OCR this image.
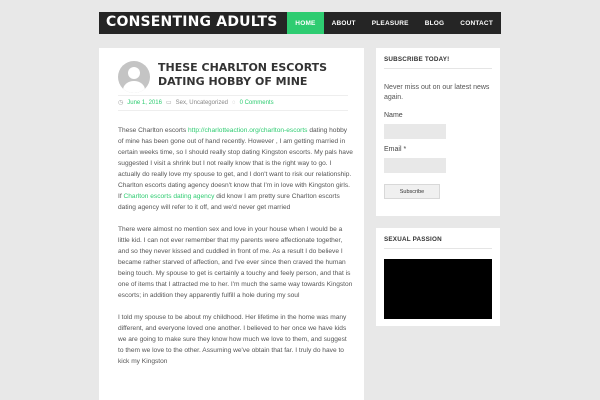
CONSENTING ADULTS	HOME	ABOUT	PLEASURE	BLOG	CONTACT
THESE CHARLTON ESCORTS DATING HOBBY OF MINE
◷ June 1, 2016 ▭ Sex, Uncategorized ◌ 0 Comments

These Charlton escorts http://charlotteaction.org/charlton-escorts dating hobby of mine has been gone out of hand recently. However , I am getting married in certain weeks time, so I should really stop dating Kingston escorts. My pals have suggested I visit a shrink but I not really know that is the right way to go. I actually do really love my spouse to get, and I don't want to risk our relationship. Charlton escorts dating agency doesn't know that I'm in love with Kingston girls. If Charlton escorts dating agency did know I am pretty sure Charlton escorts dating agency will refer to it off, and we'd never get married

There were almost no mention sex and love in your house when I would be a little kid. I can not ever remember that my parents were affectionate together, and so they never kissed and cuddled in front of me. As a result I do believe I became rather starved of affection, and I've ever since then craved the human being touch. My spouse to get is certainly a touchy and feely person, and that is one of items that I attracted me to her. I'm much the same way towards Kingston escorts; in addition they apparently fulfill a hole during my soul

I told my spouse to be about my childhood. Her lifetime in the home was many different, and everyone loved one another. I believed to her once we have kids we are going to make sure they know how much we love to them, and suggest to them we love to the other. Assuming we've obtain that far. I truly do have to kick my Kingston

SUBSCRIBE TODAY!
Never miss out on our latest news again.
Name
Email *
Subscribe
SEXUAL PASSION
